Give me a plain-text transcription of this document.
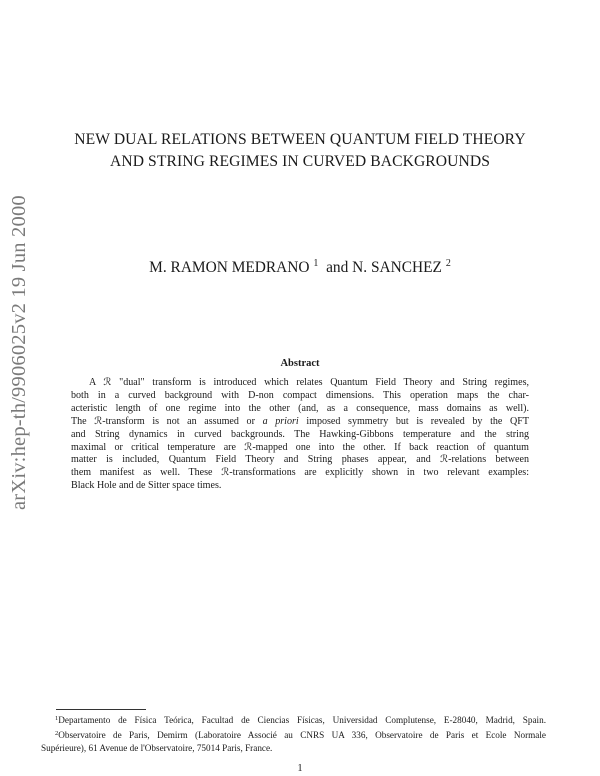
arXiv:hep-th/9906025v2 19 Jun 2000
NEW DUAL RELATIONS BETWEEN QUANTUM FIELD THEORY
AND STRING REGIMES IN CURVED BACKGROUNDS
M. RAMON MEDRANO $^1$ and N. SANCHEZ $^2$
Abstract
A ℛ "dual" transform is introduced which relates Quantum Field Theory and String regimes,
both in a curved background with D-non compact dimensions. This operation maps the char-
acteristic length of one regime into the other (and, as a consequence, mass domains as well).
The ℛ-transform is not an assumed or a priori imposed symmetry but is revealed by the QFT
and String dynamics in curved backgrounds. The Hawking-Gibbons temperature and the string
maximal or critical temperature are ℛ-mapped one into the other. If back reaction of quantum
matter is included, Quantum Field Theory and String phases appear, and ℛ-relations between
them manifest as well. These ℛ-transformations are explicitly shown in two relevant examples:
Black Hole and de Sitter space times.
$^1$Departamento de Física Teórica, Facultad de Ciencias Físicas, Universidad Complutense, E-28040, Madrid, Spain.
$^2$Observatoire de Paris, Demirm (Laboratoire Associé au CNRS UA 336, Observatoire de Paris et Ecole Normale
Supérieure), 61 Avenue de l'Observatoire, 75014 Paris, France.
1
